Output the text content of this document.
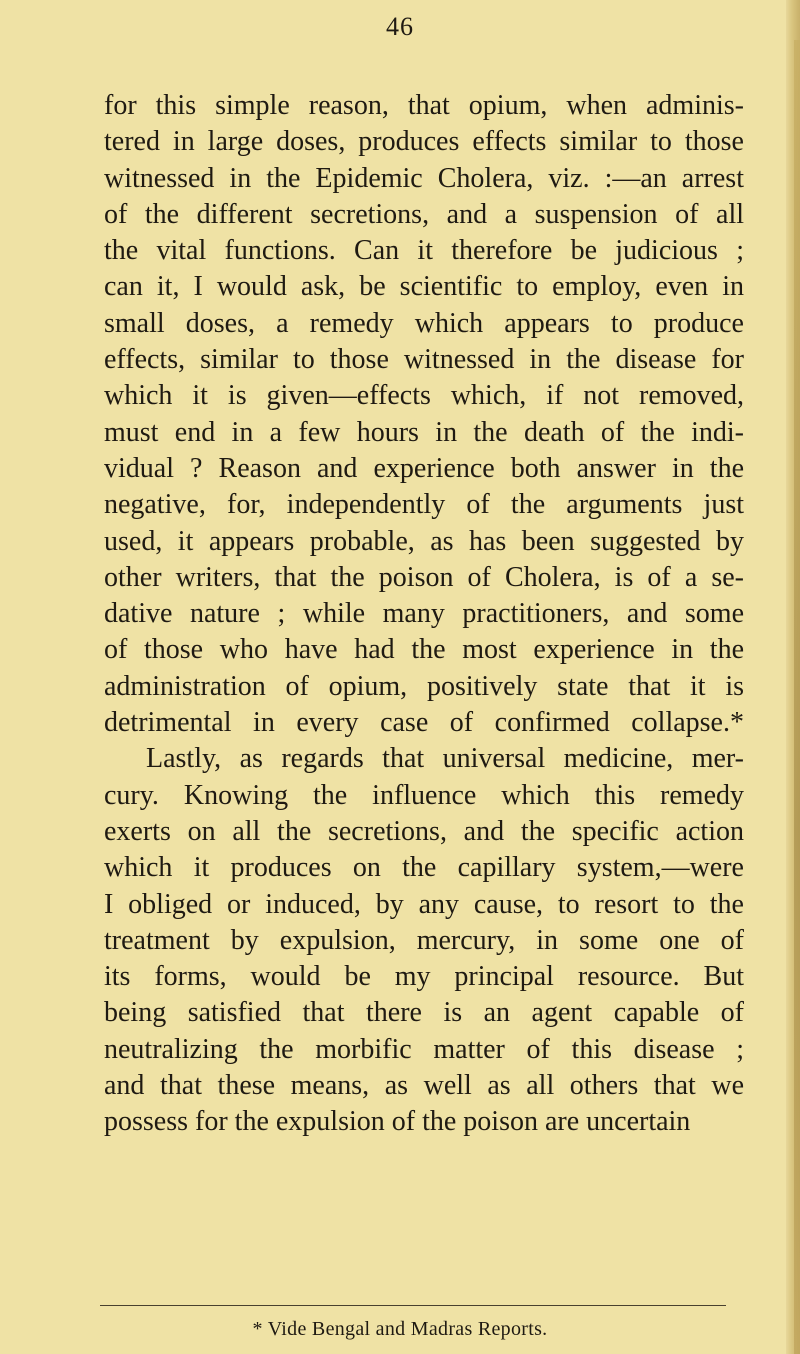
46
for this simple reason, that opium, when adminis-
tered in large doses, produces effects similar to those
witnessed in the Epidemic Cholera, viz. :—an arrest
of the different secretions, and a suspension of all
the vital functions. Can it therefore be judicious ;
can it, I would ask, be scientific to employ, even in
small doses, a remedy which appears to produce
effects, similar to those witnessed in the disease for
which it is given—effects which, if not removed,
must end in a few hours in the death of the indi-
vidual ? Reason and experience both answer in the
negative, for, independently of the arguments just
used, it appears probable, as has been suggested by
other writers, that the poison of Cholera, is of a se-
dative nature ; while many practitioners, and some
of those who have had the most experience in the
administration of opium, positively state that it is
detrimental in every case of confirmed collapse.*
Lastly, as regards that universal medicine, mer-
cury. Knowing the influence which this remedy
exerts on all the secretions, and the specific action
which it produces on the capillary system,—were
I obliged or induced, by any cause, to resort to the
treatment by expulsion, mercury, in some one of
its forms, would be my principal resource. But
being satisfied that there is an agent capable of
neutralizing the morbific matter of this disease ;
and that these means, as well as all others that we
possess for the expulsion of the poison are uncertain
* Vide Bengal and Madras Reports.
